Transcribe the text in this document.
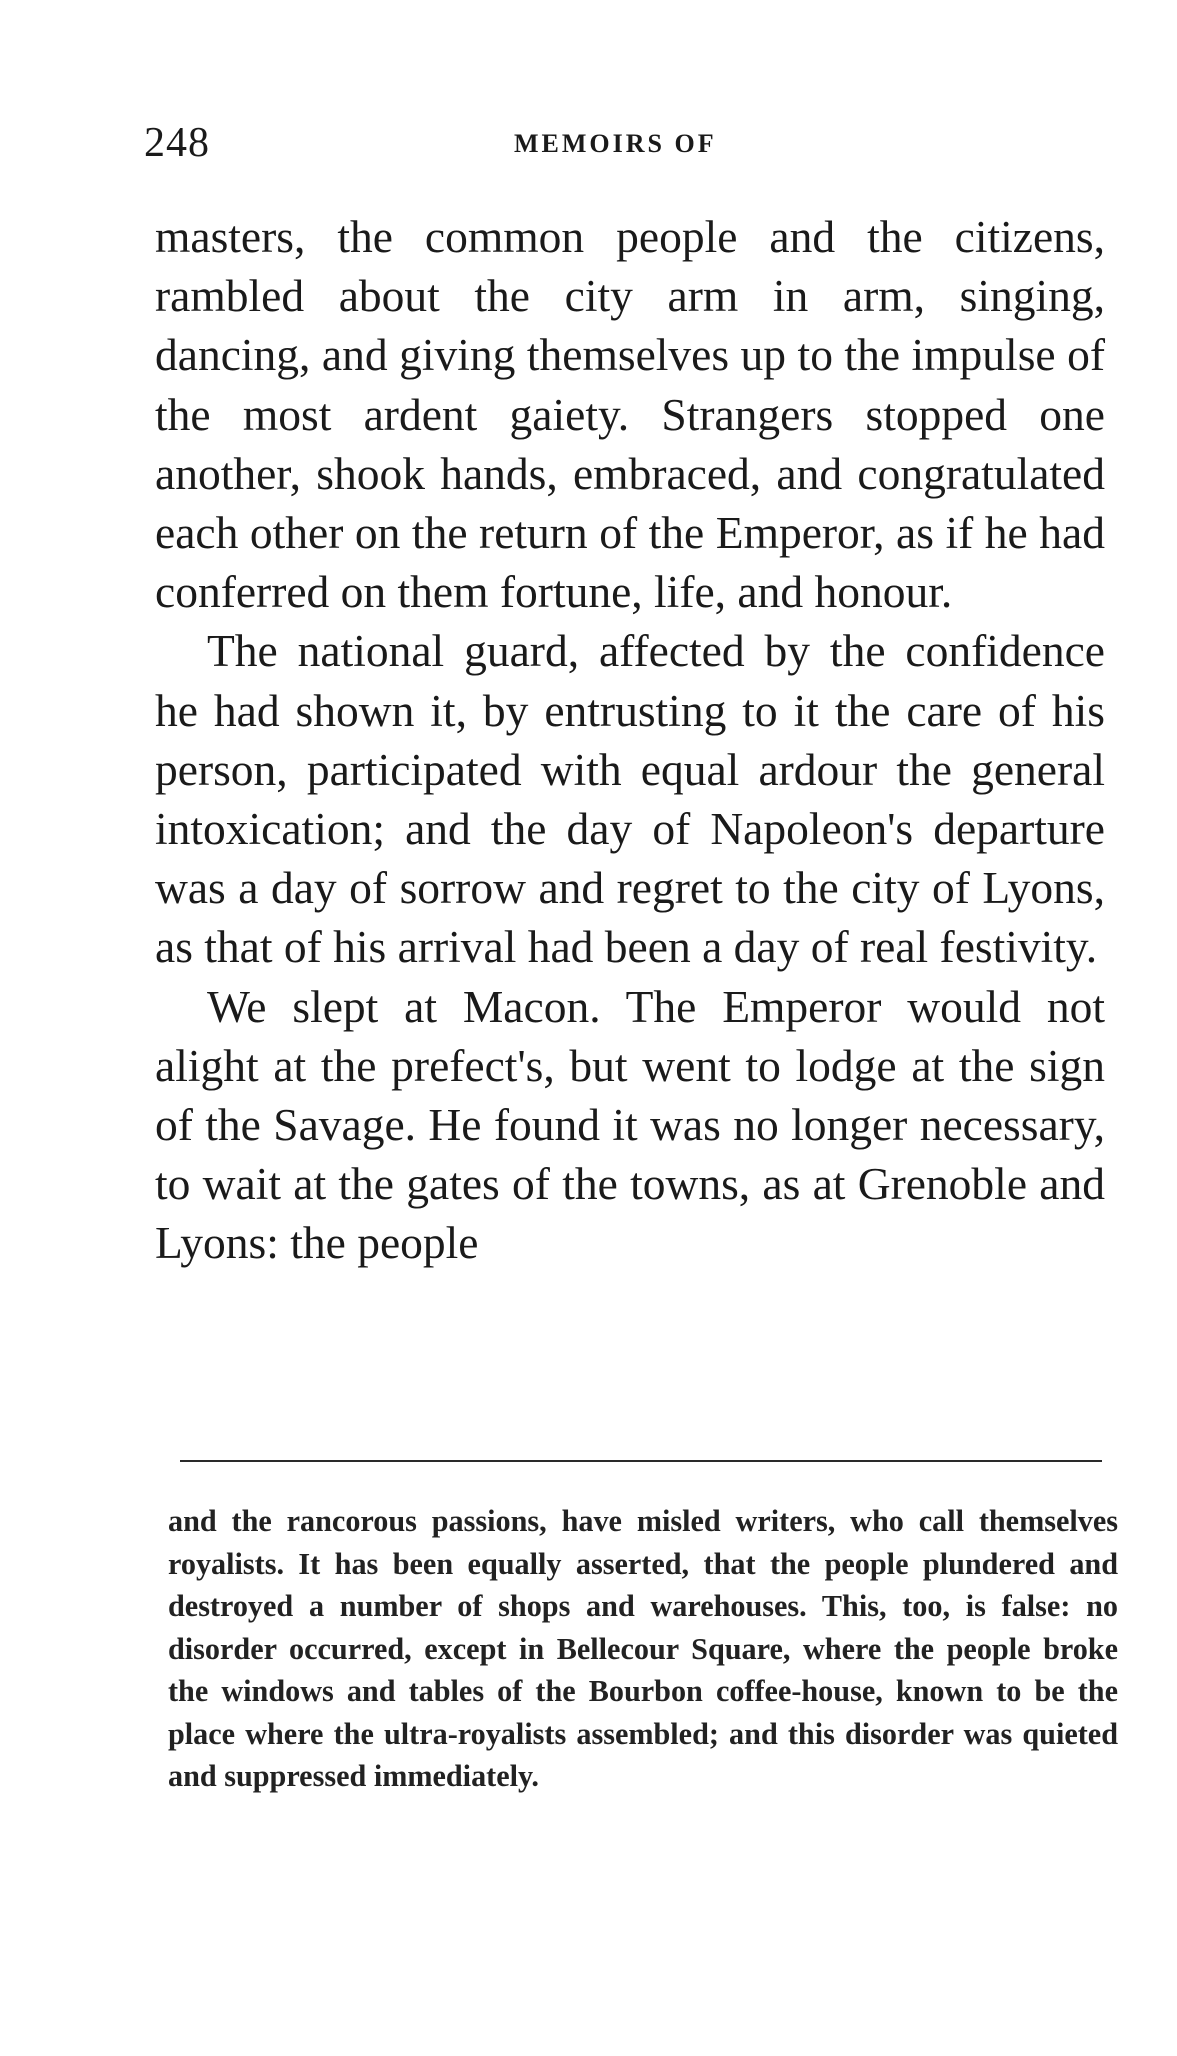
248	MEMOIRS OF

masters, the common people and the citizens, rambled about the city arm in arm, singing, dancing, and giving themselves up to the impulse of the most ardent gaiety. Strangers stopped one another, shook hands, embraced, and congratulated each other on the return of the Emperor, as if he had conferred on them fortune, life, and honour.

The national guard, affected by the confidence he had shown it, by entrusting to it the care of his person, participated with equal ardour the general intoxication; and the day of Napoleon's departure was a day of sorrow and regret to the city of Lyons, as that of his arrival had been a day of real festivity.

We slept at Macon. The Emperor would not alight at the prefect's, but went to lodge at the sign of the Savage. He found it was no longer necessary, to wait at the gates of the towns, as at Grenoble and Lyons: the people

and the rancorous passions, have misled writers, who call themselves royalists. It has been equally asserted, that the people plundered and destroyed a number of shops and warehouses. This, too, is false: no disorder occurred, except in Bellecour Square, where the people broke the windows and tables of the Bourbon coffee-house, known to be the place where the ultra-royalists assembled; and this disorder was quieted and suppressed immediately.
